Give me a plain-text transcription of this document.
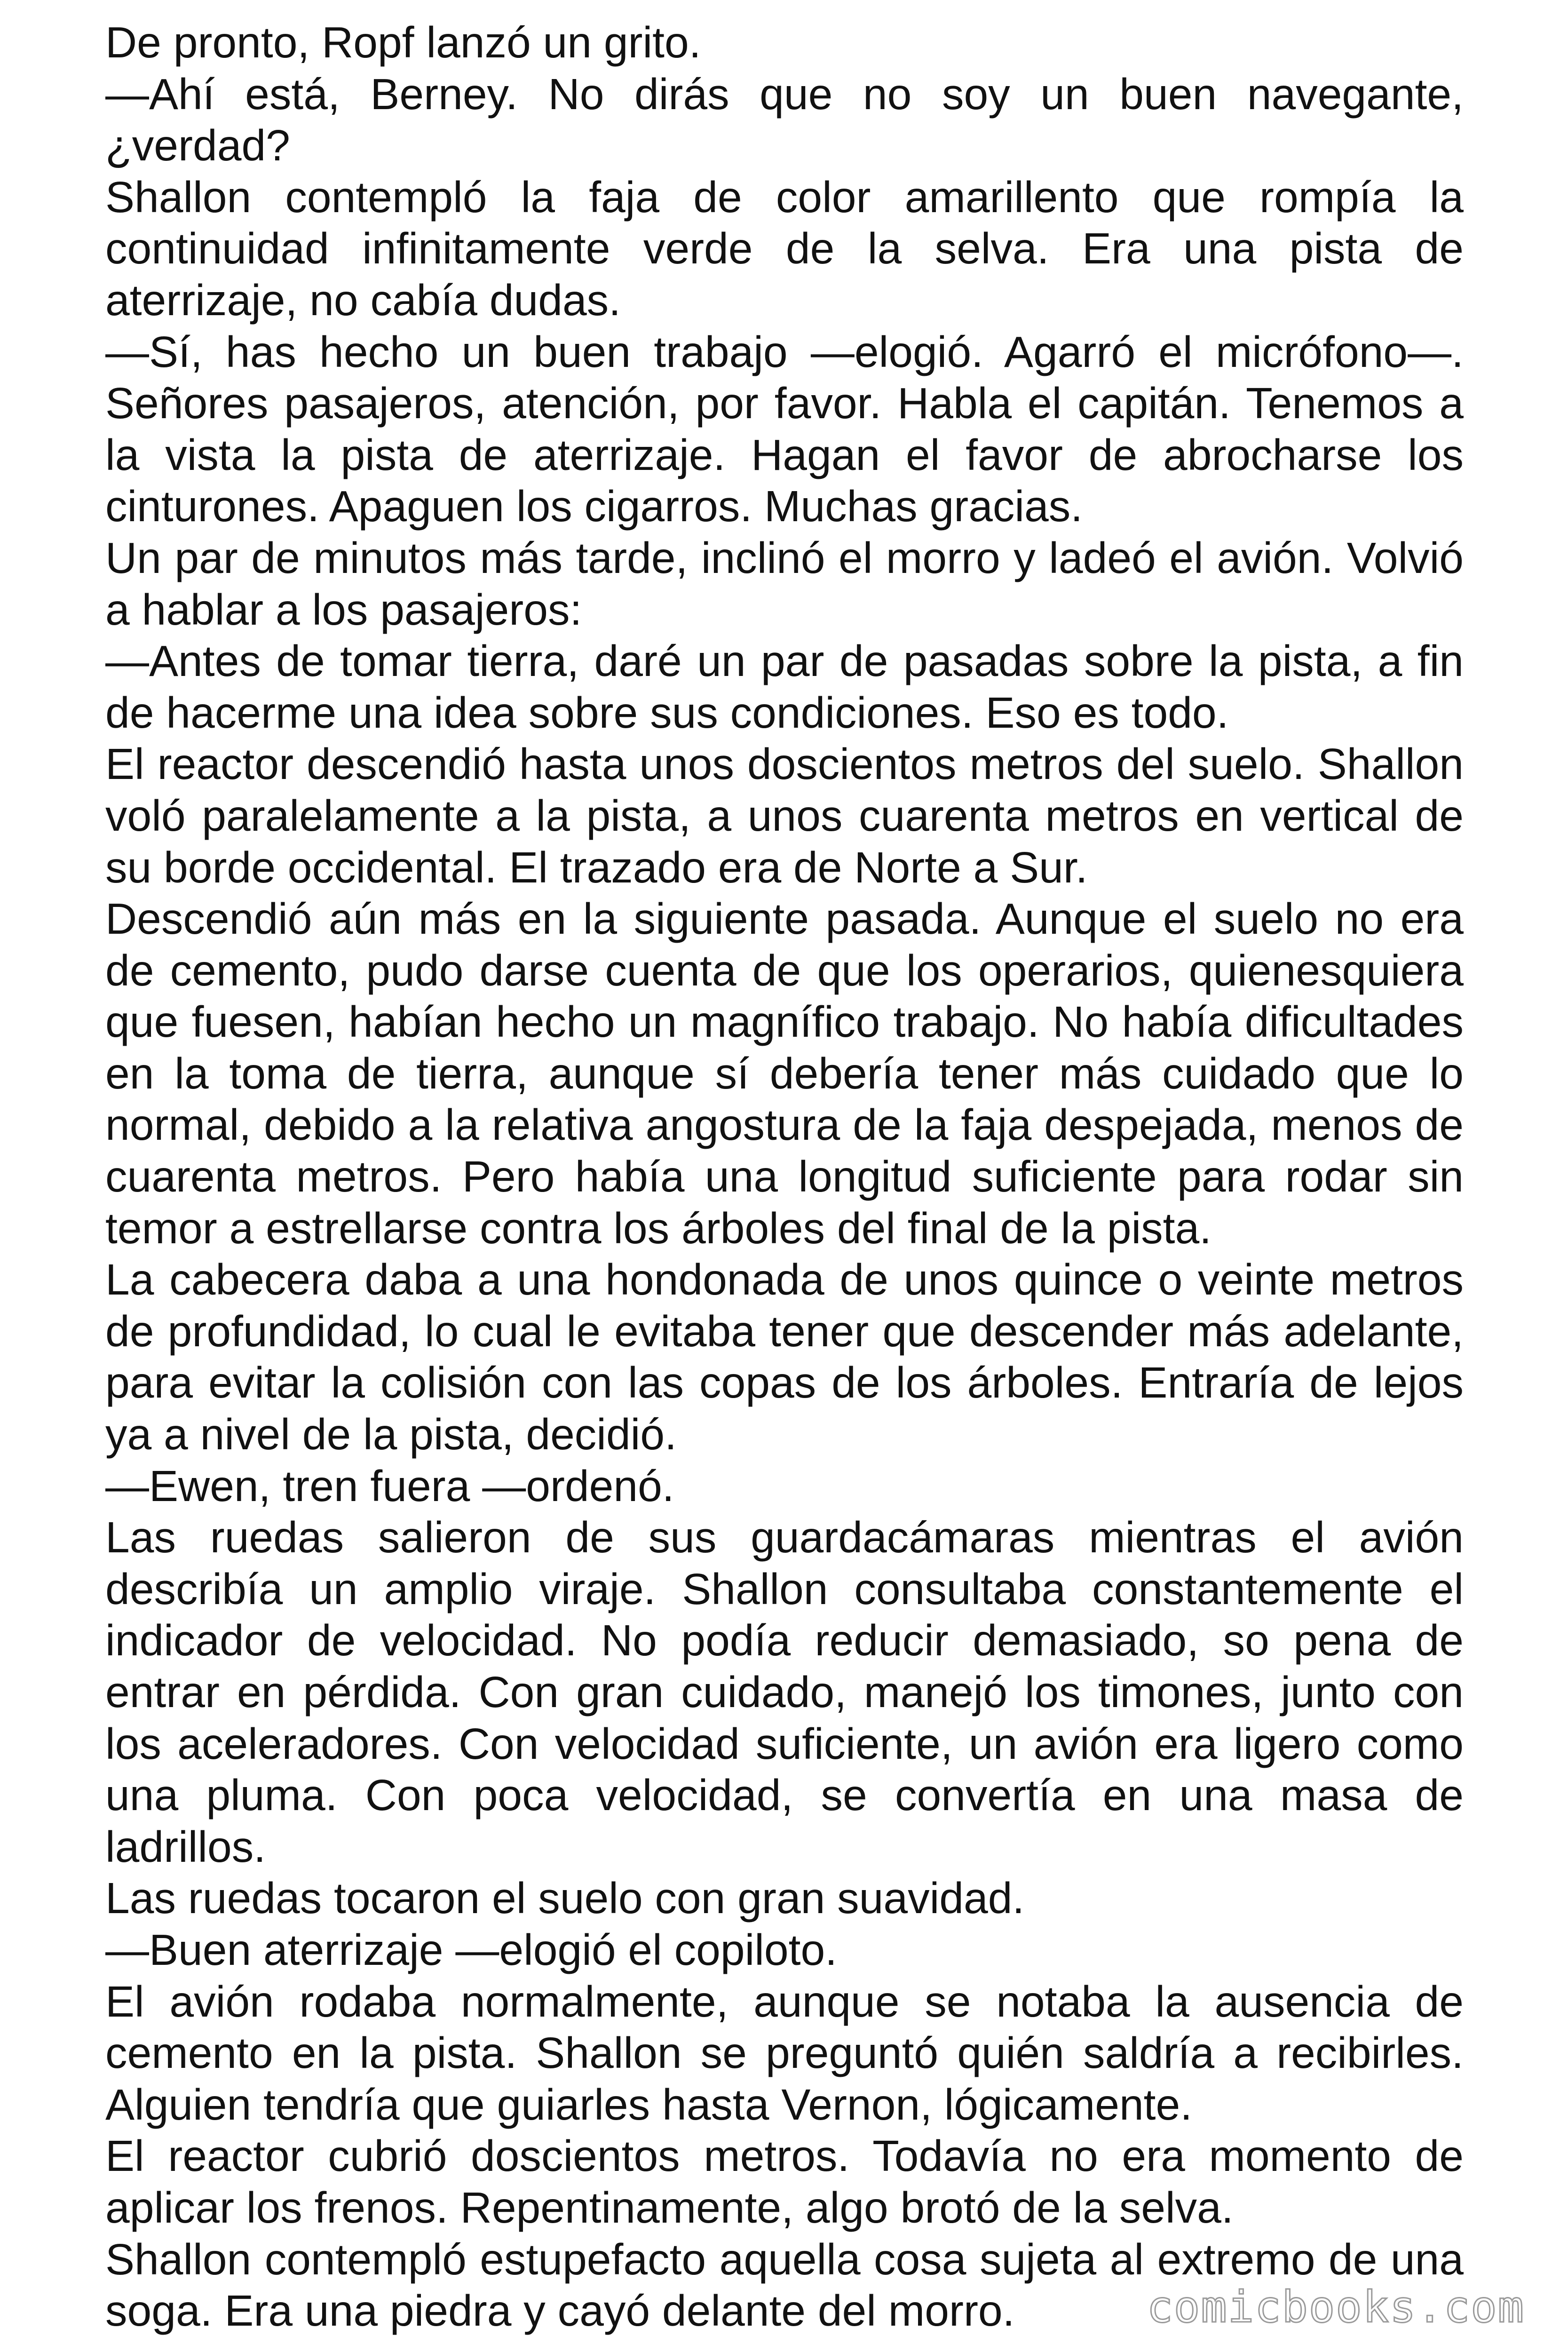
De pronto, Ropf lanzó un grito.

—Ahí está, Berney. No dirás que no soy un buen navegante, ¿verdad?

Shallon contempló la faja de color amarillento que rompía la continuidad infinitamente verde de la selva. Era una pista de aterrizaje, no cabía dudas.

—Sí, has hecho un buen trabajo —elogió. Agarró el micrófono—. Señores pasajeros, atención, por favor. Habla el capitán. Tenemos a la vista la pista de aterrizaje. Hagan el favor de abrocharse los cinturones. Apaguen los cigarros. Muchas gracias.

Un par de minutos más tarde, inclinó el morro y ladeó el avión. Volvió a hablar a los pasajeros:

—Antes de tomar tierra, daré un par de pasadas sobre la pista, a fin de hacerme una idea sobre sus condiciones. Eso es todo.

El reactor descendió hasta unos doscientos metros del suelo. Shallon voló paralelamente a la pista, a unos cuarenta metros en vertical de su borde occidental. El trazado era de Norte a Sur.

Descendió aún más en la siguiente pasada. Aunque el suelo no era de cemento, pudo darse cuenta de que los operarios, quienesquiera que fuesen, habían hecho un magnífico trabajo. No había dificultades en la toma de tierra, aunque sí debería tener más cuidado que lo normal, debido a la relativa angostura de la faja despejada, menos de cuarenta metros. Pero había una longitud suficiente para rodar sin temor a estrellarse contra los árboles del final de la pista.

La cabecera daba a una hondonada de unos quince o veinte metros de profundidad, lo cual le evitaba tener que descender más adelante, para evitar la colisión con las copas de los árboles. Entraría de lejos ya a nivel de la pista, decidió.

—Ewen, tren fuera —ordenó.

Las ruedas salieron de sus guardacámaras mientras el avión describía un amplio viraje. Shallon consultaba constantemente el indicador de velocidad. No podía reducir demasiado, so pena de entrar en pérdida. Con gran cuidado, manejó los timones, junto con los aceleradores. Con velocidad suficiente, un avión era ligero como una pluma. Con poca velocidad, se convertía en una masa de ladrillos.

Las ruedas tocaron el suelo con gran suavidad.

—Buen aterrizaje —elogió el copiloto.

El avión rodaba normalmente, aunque se notaba la ausencia de cemento en la pista. Shallon se preguntó quién saldría a recibirles. Alguien tendría que guiarles hasta Vernon, lógicamente.

El reactor cubrió doscientos metros. Todavía no era momento de aplicar los frenos. Repentinamente, algo brotó de la selva.

Shallon contempló estupefacto aquella cosa sujeta al extremo de una soga. Era una piedra y cayó delante del morro.	comicbooks.com
